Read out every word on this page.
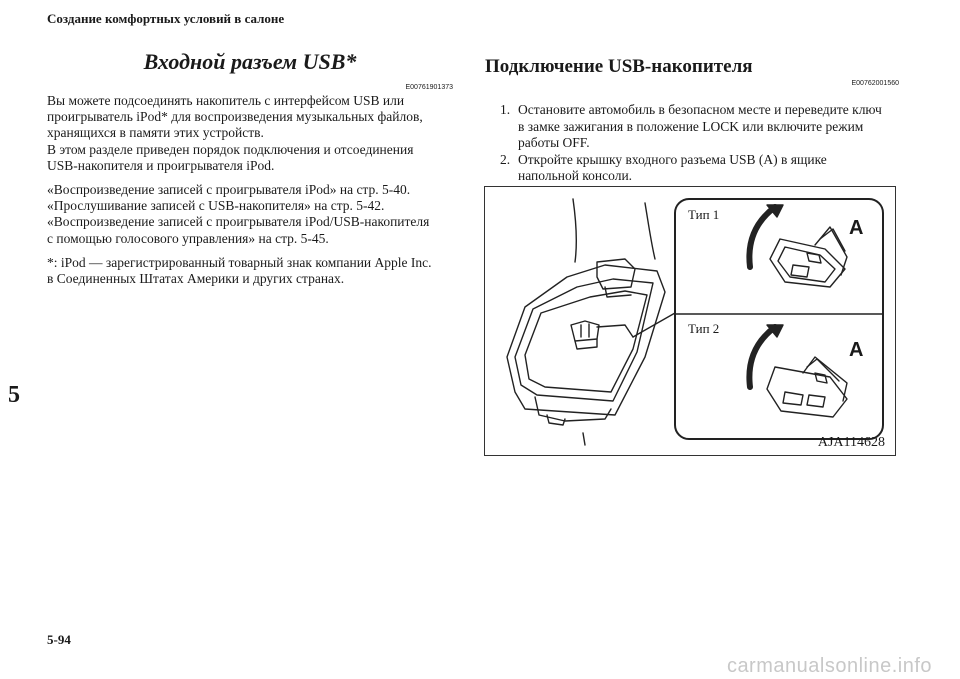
Создание комфортных условий в салоне
Входной разъем USB*
E00761901373

Вы можете подсоединять накопитель с интерфейсом USB или

проигрыватель iPod* для воспроизведения музыкальных файлов,

хранящихся в памяти этих устройств.

В этом разделе приведен порядок подключения и отсоединения

USB-накопителя и проигрывателя iPod.

«Воспроизведение записей с проигрывателя iPod» на стр. 5-40.

«Прослушивание записей с USB-накопителя» на стр. 5-42.

«Воспроизведение записей с проигрывателя iPod/USB-накопителя

с помощью голосового управления» на стр. 5-45.

*: iPod — зарегистрированный товарный знак компании Apple Inc.

в Соединенных Штатах Америки и других странах.

Подключение USB-накопителя
E00762001560
1. Остановите автомобиль в безопасном месте и переведите ключ
в замке зажигания в положение LOCK или включите режим
работы OFF.
2. Откройте крышку входного разъема USB (A) в ящике
напольной консоли.
Тип 1
A
Тип 2
A
AJA114628
5
5-94
carmanualsonline.info
